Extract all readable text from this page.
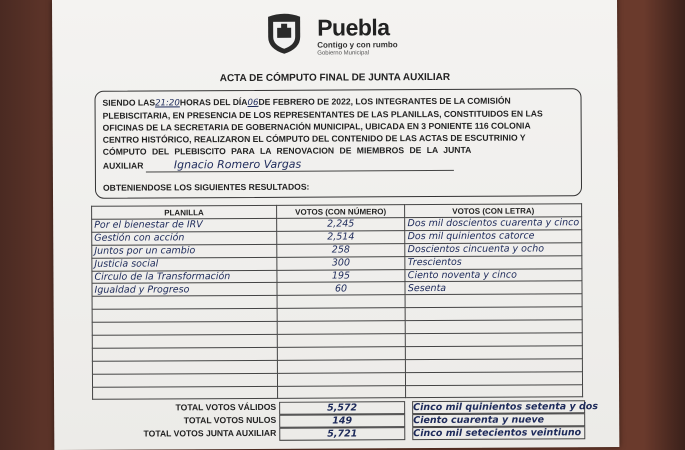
Puebla
Contigo y con rumbo
Gobierno Municipal
ACTA DE CÓMPUTO FINAL DE JUNTA AUXILIAR
SIENDO LAS21:20HORAS DEL DÍA06DE FEBRERO DE 2022, LOS INTEGRANTES DE LA COMISIÓN
PLEBISCITARIA, EN PRESENCIA DE LOS REPRESENTANTES DE LAS PLANILLAS, CONSTITUIDOS EN LAS
OFICINAS DE LA SECRETARIA DE GOBERNACIÓN MUNICIPAL, UBICADA EN 3 PONIENTE 116 COLONIA
CENTRO HISTÓRICO, REALIZARON EL CÓMPUTO DEL CONTENIDO DE LAS ACTAS DE ESCUTRINIO Y
CÓMPUTO DEL PLEBISCITO PARA LA RENOVACION DE MIEMBROS DE LA JUNTA
AUXILIAR	Ignacio Romero Vargas
OBTENIENDOSE LOS SIGUIENTES RESULTADOS:
PLANILLA	VOTOS (CON NÚMERO)	VOTOS (CON LETRA)
Por el bienestar de IRV	2,245	Dos mil doscientos cuarenta y cinco
Gestión con acción	2,514	Dos mil quinientos catorce
Juntos por un cambio	258	Doscientos cincuenta y ocho
Justicia social	300	Trescientos
Circulo de la Transformación	195	Ciento noventa y cinco
Igualdad y Progreso	60	Sesenta

TOTAL VOTOS VÁLIDOS	5,572	Cinco mil quinientos setenta y dos
TOTAL VOTOS NULOS	149	Ciento cuarenta y nueve
TOTAL VOTOS JUNTA AUXILIAR	5,721	Cinco mil setecientos veintiuno
